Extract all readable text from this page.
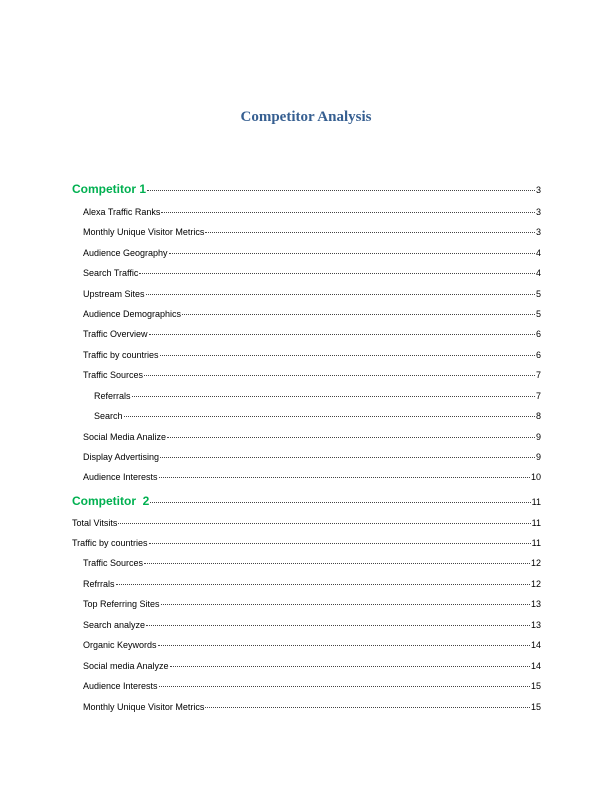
Competitor Analysis
Competitor 1	3
Alexa Traffic Ranks	3
Monthly Unique Visitor Metrics	3
Audience Geography	4
Search Traffic	4
Upstream Sites	5
Audience Demographics	5
Traffic Overview	6
Traffic by countries	6
Traffic Sources	7
Referrals	7
Search	8
Social Media Analize	9
Display Advertising	9
Audience Interests	10
Competitor  2	11
Total Vitsits	11
Traffic by countries	11
Traffic Sources	12
Refrrals	12
Top Referring Sites	13
Search analyze	13
Organic Keywords	14
Social media Analyze	14
Audience Interests	15
Monthly Unique Visitor Metrics	15
